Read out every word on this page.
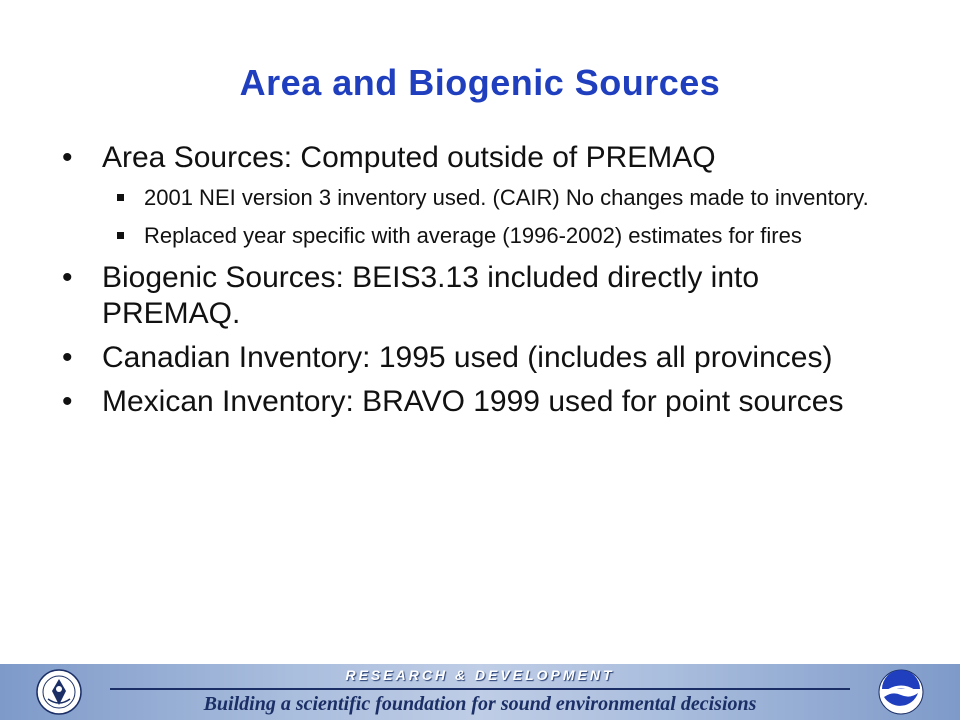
Area and Biogenic Sources
• Area Sources: Computed outside of PREMAQ
2001 NEI version 3 inventory used. (CAIR) No changes made to inventory.
Replaced year specific with average (1996-2002) estimates for fires
• Biogenic Sources: BEIS3.13 included directly into PREMAQ.
• Canadian Inventory: 1995 used (includes all provinces)
• Mexican Inventory: BRAVO 1999 used for point sources
RESEARCH & DEVELOPMENT
Building a scientific foundation for sound environmental decisions
